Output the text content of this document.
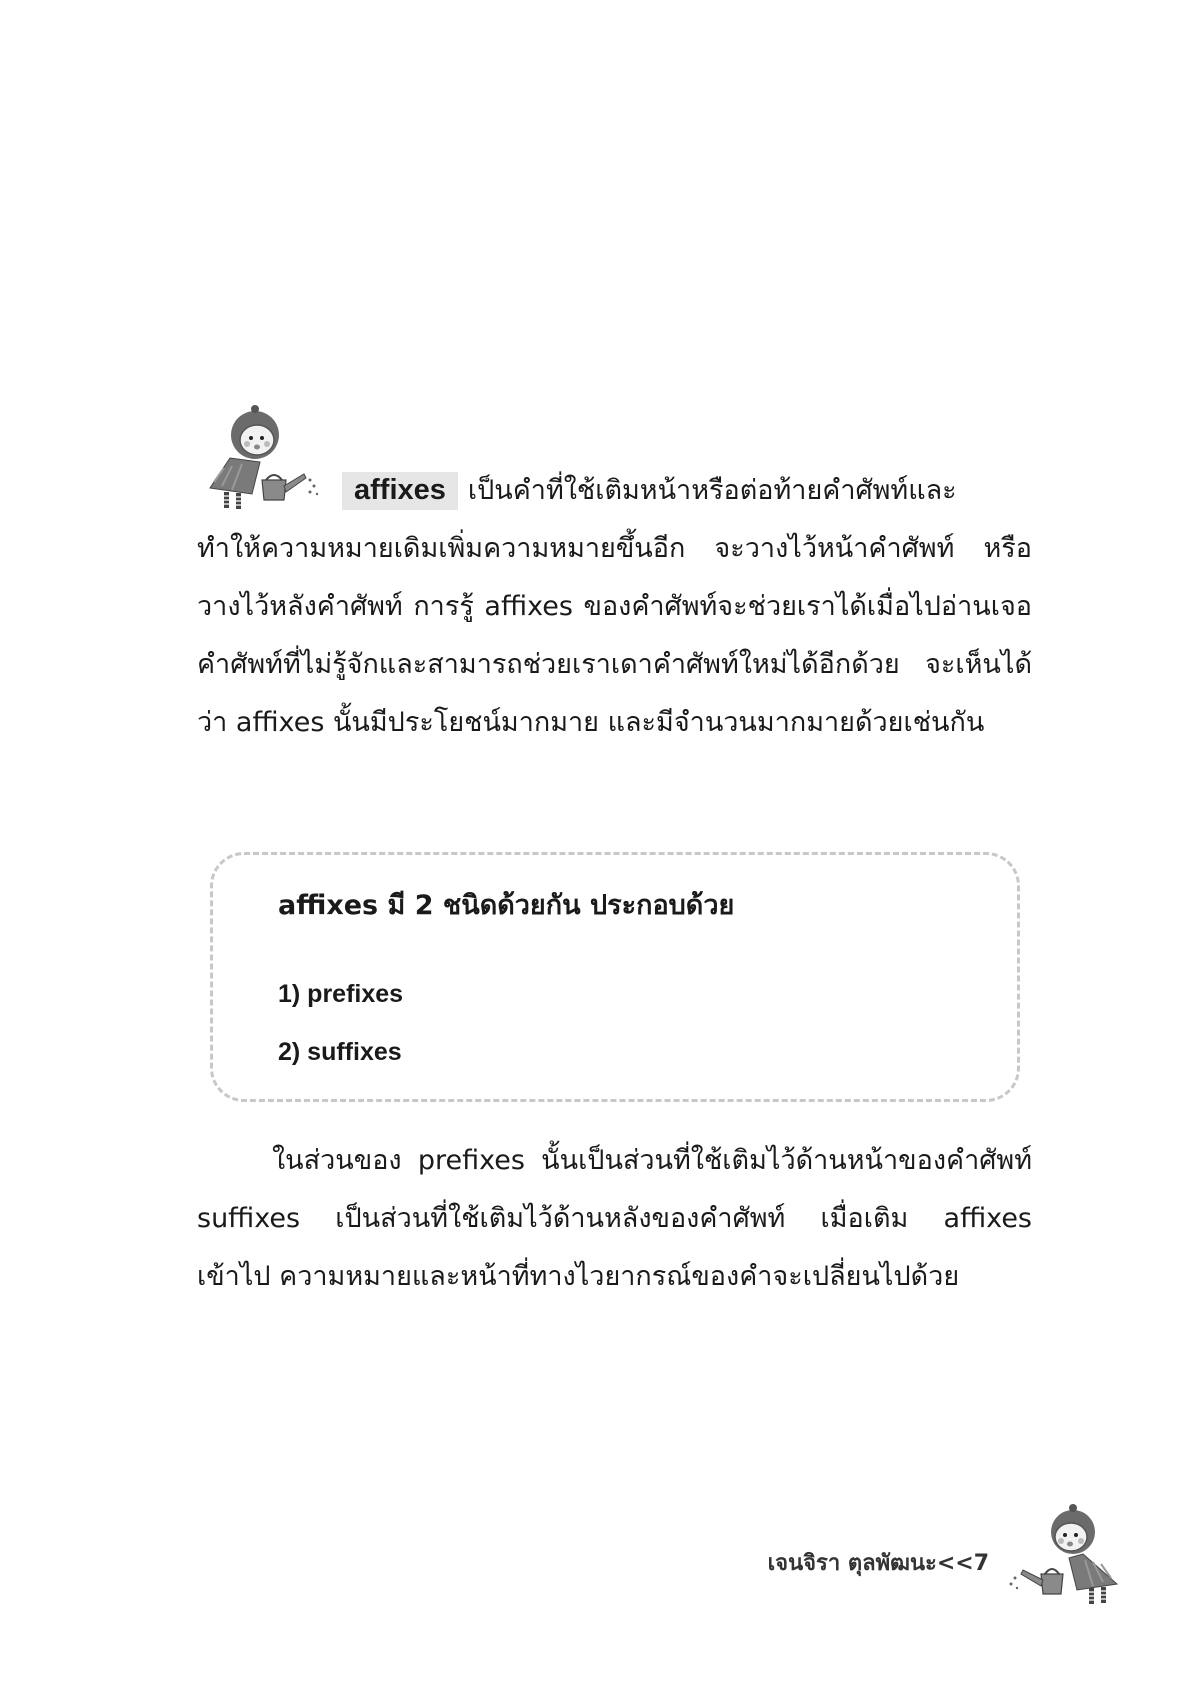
affixes เป็นคำที่ใช้เติมหน้าหรือต่อท้ายคำศัพท์และ
ทำให้ความหมายเดิมเพิ่มความหมายขึ้นอีก จะวางไว้หน้าคำศัพท์ หรือวางไว้หลังคำศัพท์ การรู้ affixes ของคำศัพท์จะช่วยเราได้เมื่อไปอ่านเจอคำศัพท์ที่ไม่รู้จักและสามารถช่วยเราเดาคำศัพท์ใหม่ได้อีกด้วย จะเห็นได้ว่า affixes นั้นมีประโยชน์มากมาย และมีจำนวนมากมายด้วยเช่นกัน

affixes มี 2 ชนิดด้วยกัน ประกอบด้วย

1) prefixes
2) suffixes

ในส่วนของ prefixes นั้นเป็นส่วนที่ใช้เติมไว้ด้านหน้าของคำศัพท์ suffixes เป็นส่วนที่ใช้เติมไว้ด้านหลังของคำศัพท์ เมื่อเติม affixes เข้าไป ความหมายและหน้าที่ทางไวยากรณ์ของคำจะเปลี่ยนไปด้วย

เจนจิรา ตุลพัฒนะ<<7
